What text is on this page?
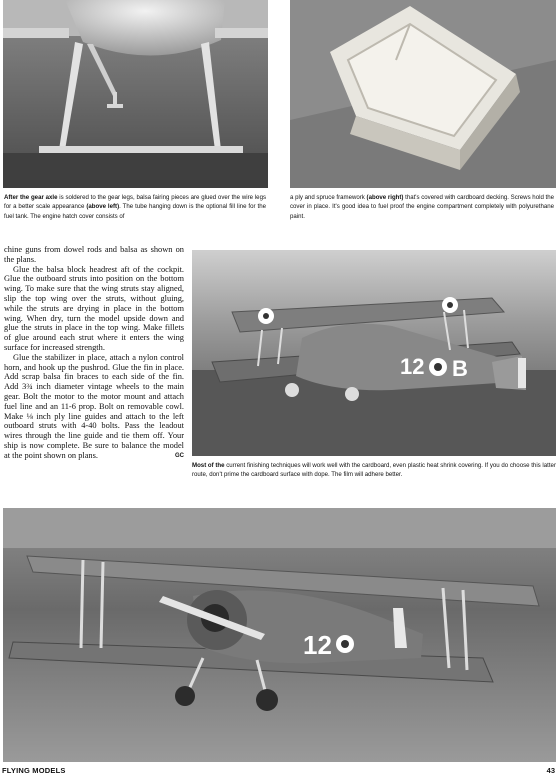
After the gear axle is soldered to the gear legs, balsa fairing pieces are glued over the wire legs for a better scale appearance (above left). The tube hanging down is the optional fill line for the fuel tank. The engine hatch cover consists of

a ply and spruce framework (above right) that's covered with cardboard decking. Screws hold the cover in place. It's good idea to fuel proof the engine compartment completely with polyurethane paint.

chine guns from dowel rods and balsa as shown on the plans.

Glue the balsa block headrest aft of the cockpit. Glue the outboard struts into position on the bottom wing. To make sure that the wing struts stay aligned, slip the top wing over the struts, without gluing, while the struts are drying in place in the bottom wing. When dry, turn the model upside down and glue the struts in place in the top wing. Make fillets of glue around each strut where it enters the wing surface for increased strength.

Glue the stabilizer in place, attach a nylon control horn, and hook up the pushrod. Glue the fin in place. Add scrap balsa fin braces to each side of the fin. Add 3¾ inch diameter vintage wheels to the main gear. Bolt the motor to the motor mount and attach fuel line and an 11-6 prop. Bolt on removable cowl. Make ⅛ inch ply line guides and attach to the left outboard struts with 4-40 bolts. Pass the leadout wires through the line guide and tie them off. Your ship is now complete. Be sure to balance the model at the point shown on plans.	GC

12 B

Most of the current finishing techniques will work well with the cardboard, even plastic heat shrink covering. If you do choose this latter route, don't prime the cardboard surface with dope. The film will adhere better.

12
FLYING MODELS	43
